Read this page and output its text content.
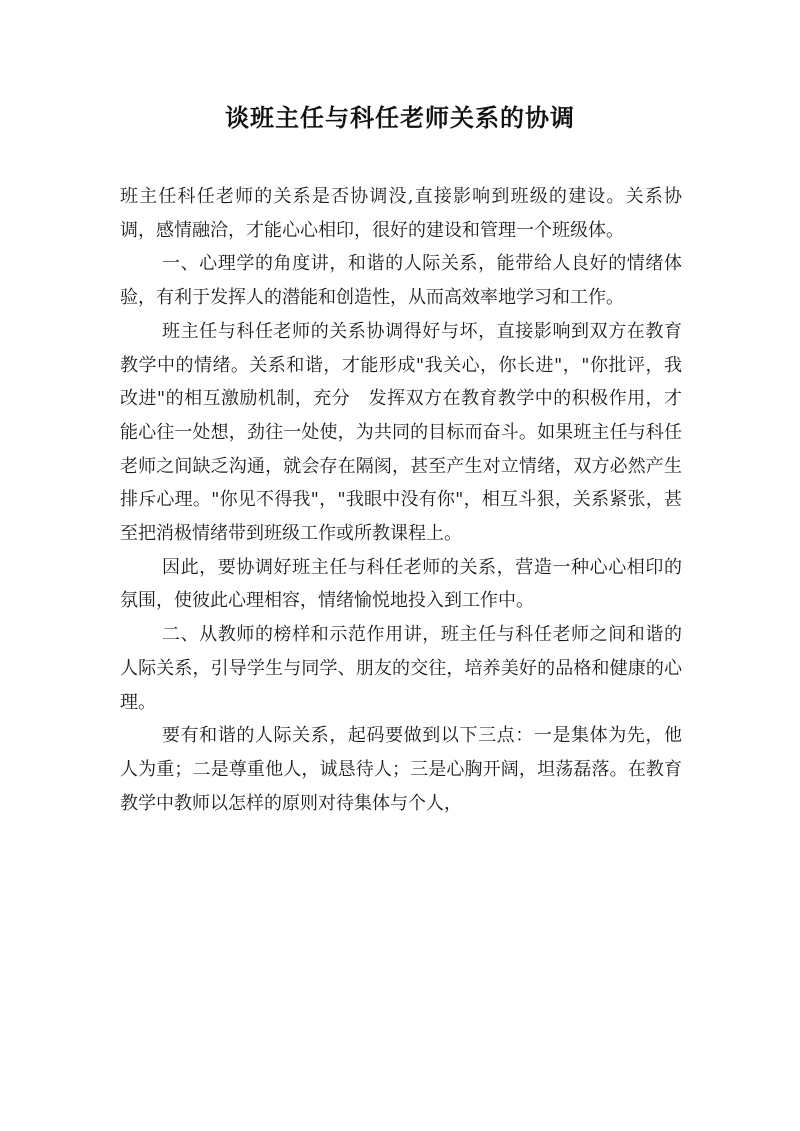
谈班主任与科任老师关系的协调

班主任科任老师的关系是否协调没,直接影响到班级的建设。关系协调，感情融洽，才能心心相印，很好的建设和管理一个班级体。

一、心理学的角度讲，和谐的人际关系，能带给人良好的情绪体验，有利于发挥人的潜能和创造性，从而高效率地学习和工作。

班主任与科任老师的关系协调得好与坏，直接影响到双方在教育教学中的情绪。关系和谐，才能形成"我关心，你长进"，"你批评，我改进"的相互激励机制，充分　发挥双方在教育教学中的积极作用，才能心往一处想，劲往一处使，为共同的目标而奋斗。如果班主任与科任老师之间缺乏沟通，就会存在隔阂，甚至产生对立情绪，双方必然产生排斥心理。"你见不得我"，"我眼中没有你"，相互斗狠，关系紧张，甚至把消极情绪带到班级工作或所教课程上。

因此，要协调好班主任与科任老师的关系，营造一种心心相印的氛围，使彼此心理相容，情绪愉悦地投入到工作中。

二、从教师的榜样和示范作用讲，班主任与科任老师之间和谐的人际关系，引导学生与同学、朋友的交往，培养美好的品格和健康的心理。

要有和谐的人际关系，起码要做到以下三点：一是集体为先，他人为重；二是尊重他人，诚恳待人；三是心胸开阔，坦荡磊落。在教育教学中教师以怎样的原则对待集体与个人，
